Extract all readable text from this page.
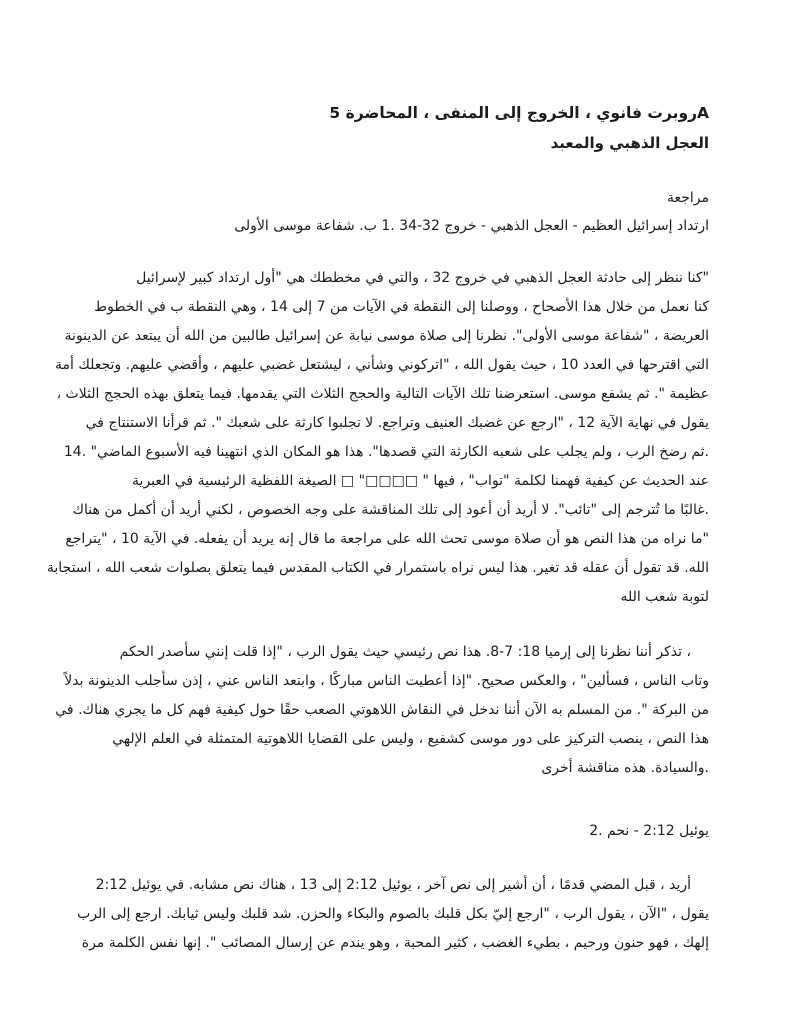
Aروبرت فانوي ، الخروج إلى المنفى ، المحاضرة 5
العجل الذهبي والمعبد
مراجعة
ارتداد إسرائيل العظيم - العجل الذهبي - خروج 32-34 .1 ب. شفاعة موسى الأولى
"كنا ننظر إلى حادثة العجل الذهبي في خروج 32 ، والتي في مخططك هي "أول ارتداد كبير لإسرائيل
كنا نعمل من خلال هذا الأصحاح ، ووصلنا إلى النقطة في الآيات من 7 إلى 14 ، وهي النقطة ب في الخطوط
العريضة ، "شفاعة موسى الأولى". نظرنا إلى صلاة موسى نيابة عن إسرائيل طالبين من الله أن يبتعد عن الدينونة
التي اقترحها في العدد 10 ، حيث يقول الله ، "اتركوني وشأني ، ليشتعل غضبي عليهم ، وأقضي عليهم. وتجعلك أمة
عظيمة ". ثم يشفع موسى. استعرضنا تلك الآيات التالية والحجج الثلاث التي يقدمها. فيما يتعلق بهذه الحجج الثلاث ،
يقول في نهاية الآية 12 ، "ارجع عن غضبك العنيف وتراجع. لا تجلبوا كارثة على شعبك ". ثم قرأنا الاستنتاج في
.ثم رضخ الرب ، ولم يجلب على شعبه الكارثة التي قصدها". هذا هو المكان الذي انتهينا فيه الأسبوع الماضي" .14
عند الحديث عن كيفية فهمنا لكلمة "تواب" ، فيها " □□□□" □ الصيغة اللفظية الرئيسية في العبرية
.غالبًا ما تُترجم إلى "تائب". لا أريد أن أعود إلى تلك المناقشة على وجه الخصوص ، لكني أريد أن أكمل من هناك
"ما نراه من هذا النص هو أن صلاة موسى تحث الله على مراجعة ما قال إنه يريد أن يفعله. في الآية 10 ، "يتراجع
الله. قد تقول أن عقله قد تغير. هذا ليس نراه باستمرار في الكتاب المقدس فيما يتعلق بصلوات شعب الله ، استجابة
لتوبة شعب الله
، تذكر أننا نظرنا إلى إرميا 18: 7-8. هذا نص رئيسي حيث يقول الرب ، "إذا قلت إنني سأصدر الحكم
وتاب الناس ، فسألين" ، والعكس صحيح. "إذا أعطيت الناس مباركًا ، وابتعد الناس عني ، إذن سأجلب الدينونة بدلاً
من البركة ". من المسلم به الآن أننا ندخل في النقاش اللاهوتي الصعب حقًا حول كيفية فهم كل ما يجري هناك. في
هذا النص ، ينصب التركيز على دور موسى كشفيع ، وليس على القضايا اللاهوتية المتمثلة في العلم الإلهي
.والسيادة. هذه مناقشة أخرى
يوئيل 2:12 - نحم .2
أريد ، قبل المضي قدمًا ، أن أشير إلى نص آخر ، يوئيل 2:12 إلى 13 ، هناك نص مشابه. في يوئيل 2:12
يقول ، "الآن ، يقول الرب ، "ارجع إليّ بكل قلبك بالصوم والبكاء والحزن. شد قلبك وليس ثيابك. ارجع إلى الرب
إلهك ، فهو حنون ورحيم ، بطيء الغضب ، كثير المحبة ، وهو يندم عن إرسال المصائب ". إنها نفس الكلمة مرة
